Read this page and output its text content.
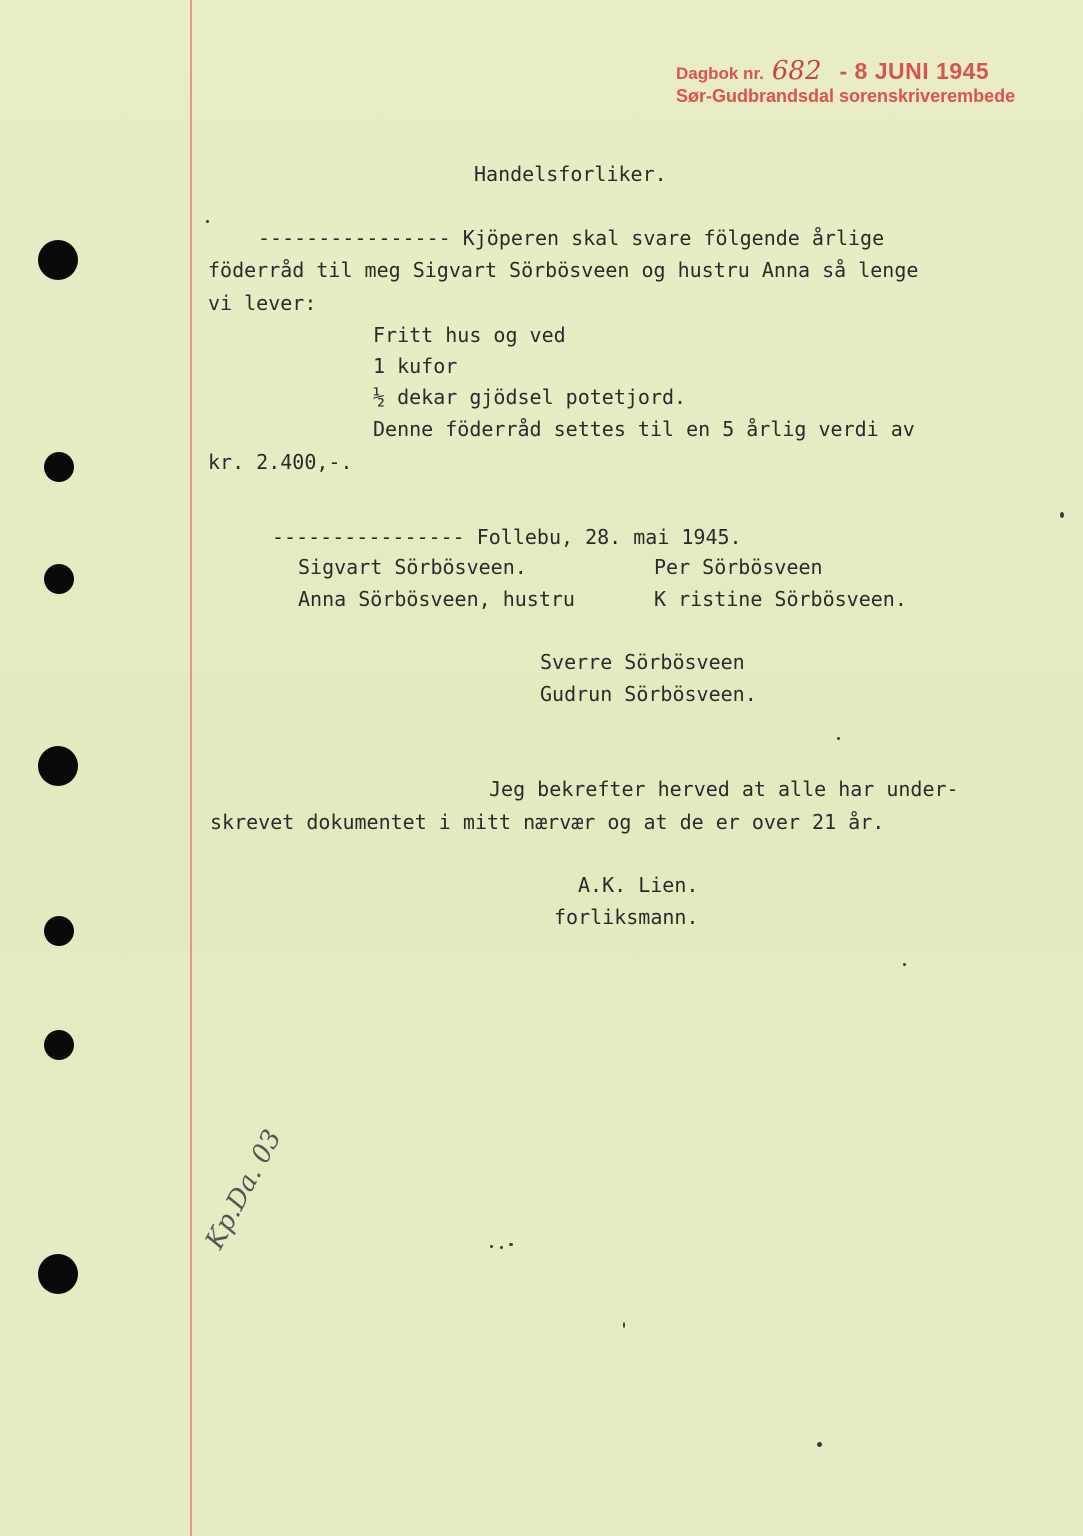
Dagbok nr. 682 - 8 JUNI 1945
Sør-Gudbrandsdal sorenskriverembede
Handelsforliker.
---------------- Kjöperen skal svare fölgende årlige
föderråd til meg Sigvart Sörbösveen og hustru Anna så lenge
vi lever:
Fritt hus og ved
1 kufor
½ dekar gjödsel potetjord.
Denne föderråd settes til en 5 årlig verdi av
kr. 2.400,-.
---------------- Follebu, 28. mai 1945.
Sigvart Sörbösveen.
Anna Sörbösveen, hustru
Per Sörbösveen
K ristine Sörbösveen.
Sverre Sörbösveen
Gudrun Sörbösveen.
Jeg bekrefter herved at alle har under-
skrevet dokumentet i mitt nærvær og at de er over 21 år.
A.K. Lien.
forliksmann.
Kp.Da. 03
